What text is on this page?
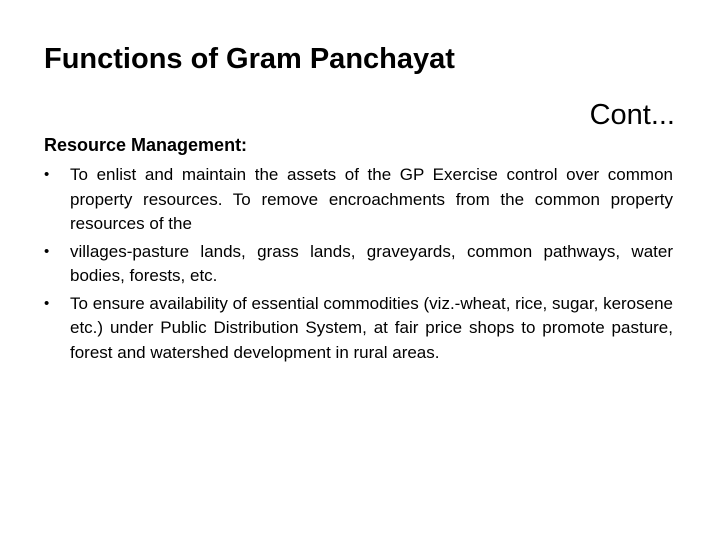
Functions of Gram Panchayat
Cont...
Resource Management:
•	To enlist and maintain the assets of the GP Exercise control over common property resources. To remove encroachments from the common property resources of the
•	villages-pasture lands, grass lands, graveyards, common pathways, water bodies, forests, etc.
•	To ensure availability of essential commodities (viz.-wheat, rice, sugar, kerosene etc.) under Public Distribution System, at fair price shops to promote pasture, forest and watershed development in rural areas.
